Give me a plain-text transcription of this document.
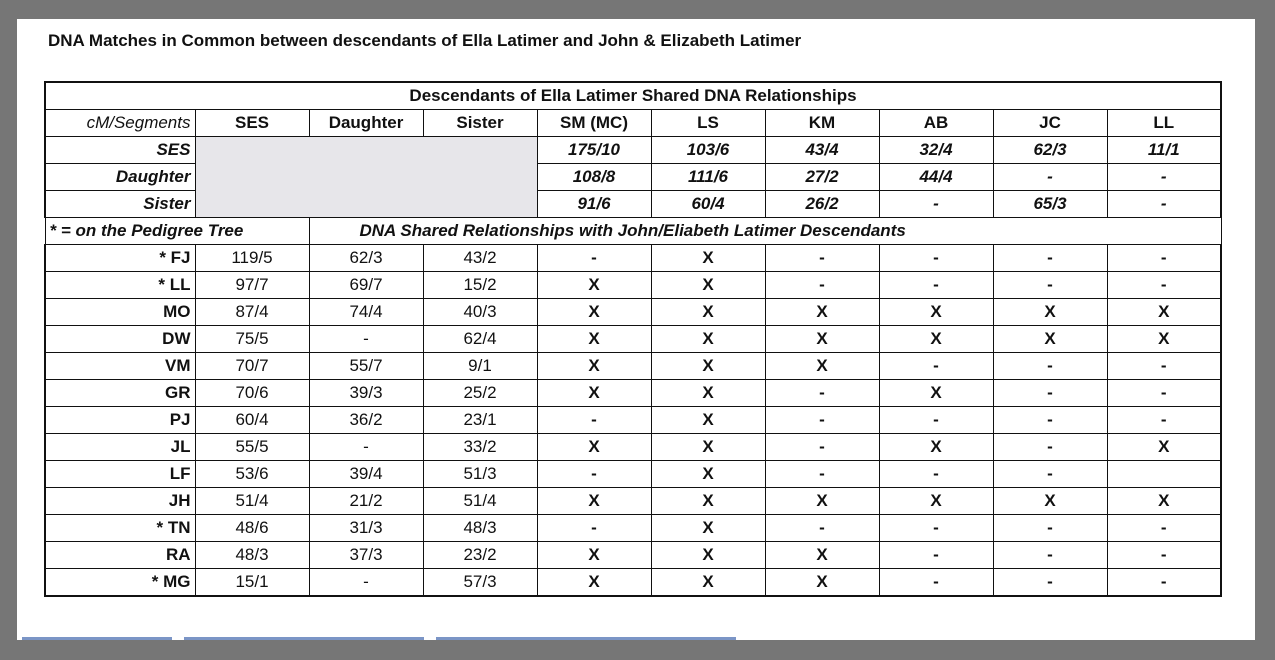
DNA Matches in Common between descendants of Ella Latimer and John & Elizabeth Latimer
Descendants of Ella Latimer Shared DNA Relationships									
cM/Segments	SES	Daughter	Sister	SM (MC)	LS	KM	AB	JC	LL
SES				175/10	103/6	43/4	32/4	62/3	11/1
Daughter				108/8	111/6	27/2	44/4	-	-
Sister				91/6	60/4	26/2	-	65/3	-
* = on the Pedigree Tree		DNA Shared Relationships with John/Eliabeth Latimer Descendants							
* FJ	119/5	62/3	43/2	-	X	-	-	-	-
* LL	97/7	69/7	15/2	X	X	-	-	-	-
MO	87/4	74/4	40/3	X	X	X	X	X	X
DW	75/5	-	62/4	X	X	X	X	X	X
VM	70/7	55/7	9/1	X	X	X	-	-	-
GR	70/6	39/3	25/2	X	X	-	X	-	-
PJ	60/4	36/2	23/1	-	X	-	-	-	-
JL	55/5	-	33/2	X	X	-	X	-	X
LF	53/6	39/4	51/3	-	X	-	-	-	
JH	51/4	21/2	51/4	X	X	X	X	X	X
* TN	48/6	31/3	48/3	-	X	-	-	-	-
RA	48/3	37/3	23/2	X	X	X	-	-	-
* MG	15/1	-	57/3	X	X	X	-	-	-
